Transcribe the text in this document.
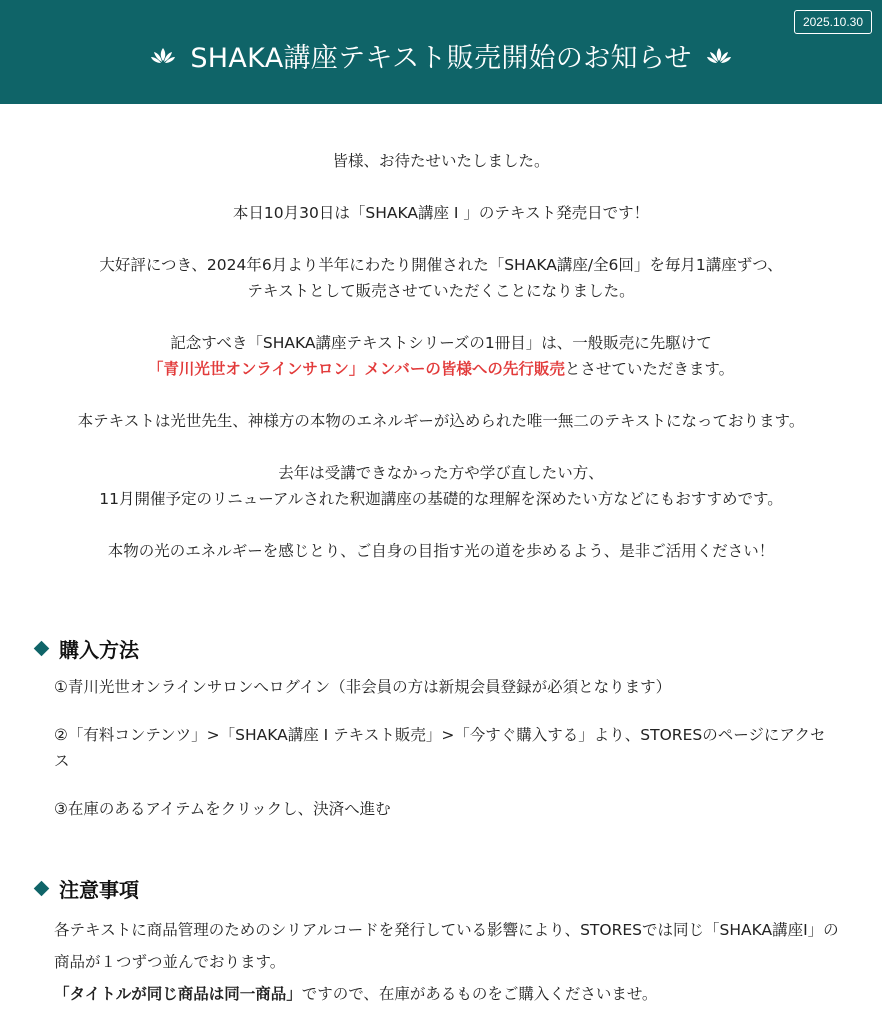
2025.10.30
SHAKA講座テキスト販売開始のお知らせ

皆様、お待たせいたしました。

本日10月30日は「SHAKA講座 Ⅰ 」のテキスト発売日です！

大好評につき、2024年6月より半年にわたり開催された「SHAKA講座/全6回」を毎月1講座ずつ、

テキストとして販売させていただくことになりました。

記念すべき「SHAKA講座テキストシリーズの1冊目」は、一般販売に先駆けて

「青川光世オンラインサロン」メンバーの皆様への先行販売とさせていただきます。

本テキストは光世先生、神様方の本物のエネルギーが込められた唯一無二のテキストになっております。

去年は受講できなかった方や学び直したい方、

11月開催予定のリニューアルされた釈迦講座の基礎的な理解を深めたい方などにもおすすめです。

本物の光のエネルギーを感じとり、ご自身の目指す光の道を歩めるよう、是非ご活用ください！

購入方法

①青川光世オンラインサロンへログイン（非会員の方は新規会員登録が必須となります）

②「有料コンテンツ」>「SHAKA講座 Ⅰ テキスト販売」>「今すぐ購入する」より、STORESのページにアクセス

③在庫のあるアイテムをクリックし、決済へ進む

注意事項

各テキストに商品管理のためのシリアルコードを発行している影響により、STORESでは同じ「SHAKA講座Ⅰ」の商品が１つずつ並んでおります。

「タイトルが同じ商品は同一商品」ですので、在庫があるものをご購入くださいませ。
